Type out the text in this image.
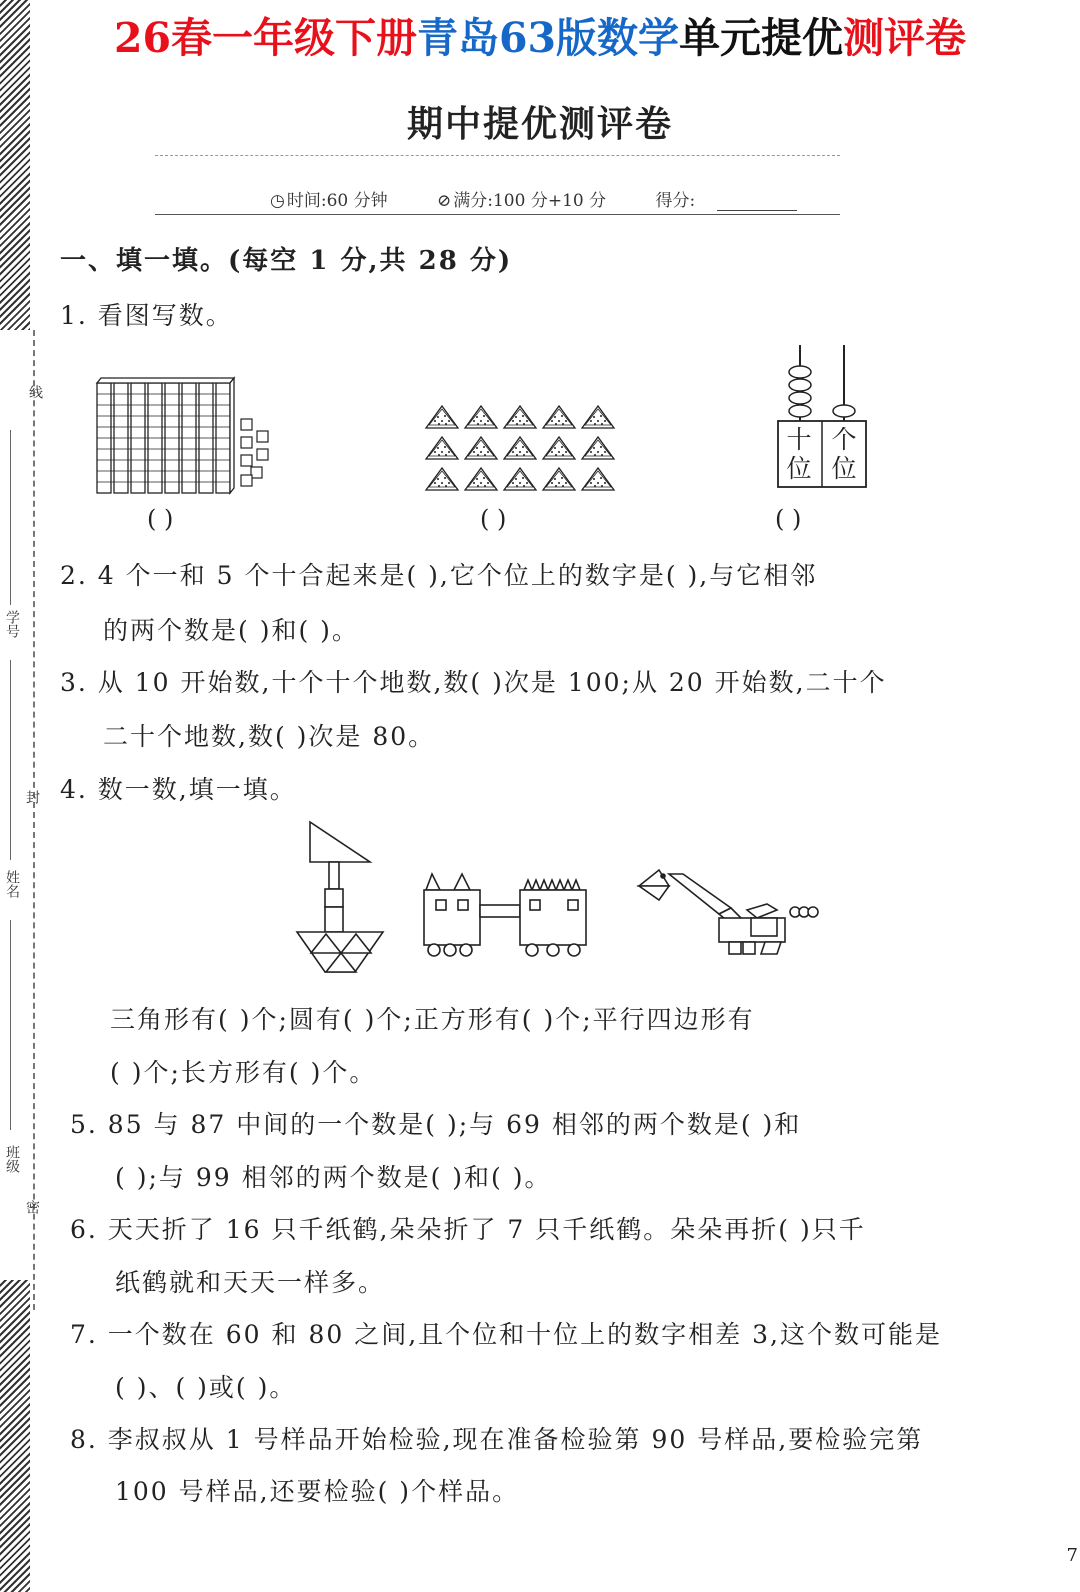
26春一年级下册青岛63版数学单元提优测评卷
线
学号
封
姓名
班级
密
期中提优测评卷
◷ 时间:60 分钟	⊘ 满分:100 分+10 分	得分:
一、填一填。(每空 1 分,共 28 分)
1. 看图写数。
( )	( )
十位
个位
( )
2. 4 个一和 5 个十合起来是( ),它个位上的数字是( ),与它相邻
的两个数是( )和( )。
3. 从 10 开始数,十个十个地数,数( )次是 100;从 20 开始数,二十个
二十个地数,数( )次是 80。
4. 数一数,填一填。
三角形有( )个;圆有( )个;正方形有( )个;平行四边形有
( )个;长方形有( )个。
5. 85 与 87 中间的一个数是( );与 69 相邻的两个数是( )和
( );与 99 相邻的两个数是( )和( )。
6. 天天折了 16 只千纸鹤,朵朵折了 7 只千纸鹤。朵朵再折( )只千
纸鹤就和天天一样多。
7. 一个数在 60 和 80 之间,且个位和十位上的数字相差 3,这个数可能是
( )、( )或( )。
8. 李叔叔从 1 号样品开始检验,现在准备检验第 90 号样品,要检验完第
100 号样品,还要检验( )个样品。
7
